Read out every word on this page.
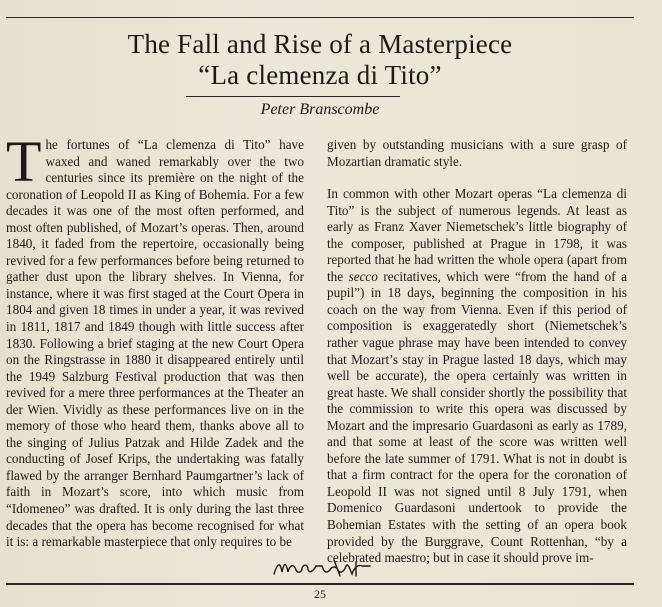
The Fall and Rise of a Masterpiece
“La clemenza di Tito”
Peter Branscombe

The fortunes of “La clemenza di Tito” have waxed and waned remarkably over the two centuries since its première on the night of the coronation of Leopold II as King of Bohemia. For a few decades it was one of the most often performed, and most often published, of Mozart’s operas. Then, around 1840, it faded from the repertoire, occasionally being revived for a few performances before being returned to gather dust upon the library shelves. In Vienna, for instance, where it was first staged at the Court Opera in 1804 and given 18 times in under a year, it was revived in 1811, 1817 and 1849 though with little success after 1830. Following a brief staging at the new Court Opera on the Ringstrasse in 1880 it disappeared entirely until the 1949 Salzburg Festival production that was then revived for a mere three performances at the Theater an der Wien. Vividly as these performances live on in the memory of those who heard them, thanks above all to the singing of Julius Patzak and Hilde Zadek and the conducting of Josef Krips, the undertaking was fatally flawed by the arranger Bernhard Paumgartner’s lack of faith in Mozart’s score, into which music from “Idomeneo” was drafted. It is only during the last three decades that the opera has become recognised for what it is: a remarkable masterpiece that only requires to be

given by outstanding musicians with a sure grasp of Mozartian dramatic style.

In common with other Mozart operas “La clemenza di Tito” is the subject of numerous legends. At least as early as Franz Xaver Niemetschek’s little biography of the composer, published at Prague in 1798, it was reported that he had written the whole opera (apart from the secco recitatives, which were “from the hand of a pupil”) in 18 days, beginning the composition in his coach on the way from Vienna. Even if this period of composition is exaggeratedly short (Niemetschek’s rather vague phrase may have been intended to convey that Mozart’s stay in Prague lasted 18 days, which may well be accurate), the opera certainly was written in great haste. We shall consider shortly the possibility that the commission to write this opera was discussed by Mozart and the impresario Guardasoni as early as 1789, and that some at least of the score was written well before the late summer of 1791. What is not in doubt is that a firm contract for the opera for the coronation of Leopold II was not signed until 8 July 1791, when Domenico Guardasoni undertook to provide the Bohemian Estates with the setting of an opera book provided by the Burggrave, Count Rottenhan, “by a celebrated maestro; but in case it should prove im-

25
